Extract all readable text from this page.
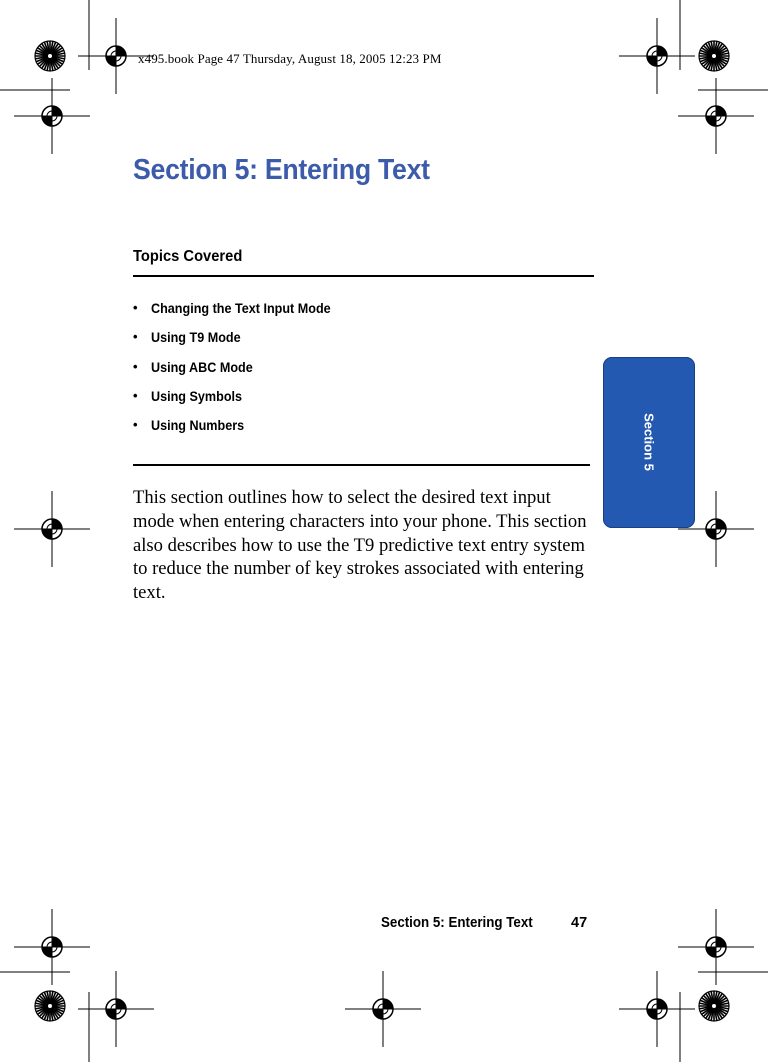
x495.book Page 47 Thursday, August 18, 2005 12:23 PM
Section 5: Entering Text
Topics Covered
• Changing the Text Input Mode
• Using T9 Mode
• Using ABC Mode
• Using Symbols
• Using Numbers

This section outlines how to select the desired text input mode when entering characters into your phone. This section also describes how to use the T9 predictive text entry system to reduce the number of key strokes associated with entering text.

Section 5
Section 5: Entering Text	47
